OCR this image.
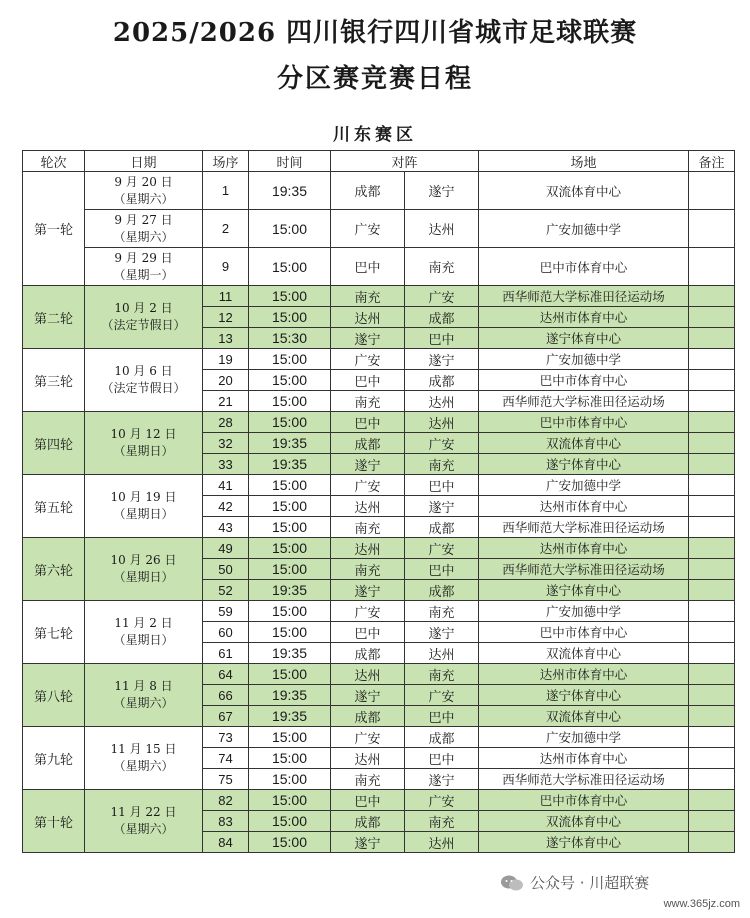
2025/2026 四川银行四川省城市足球联赛
分区赛竞赛日程
川东赛区
轮次	日期	场序	时间	对阵		场地	备注
第一轮	9 月 20 日
（星期六）	1	19:35	成都	遂宁	双流体育中心	

	9 月 27 日
（星期六）	2	15:00	广安	达州	广安加德中学	

	9 月 29 日
（星期一）	9	15:00	巴中	南充	巴中市体育中心	
第二轮	10 月 2 日
（法定节假日）	11	15:00	南充	广安	西华师范大学标准田径运动场	
		12	15:00	达州	成都	达州市体育中心	
		13	15:30	遂宁	巴中	遂宁体育中心	
第三轮	10 月 6 日
（法定节假日）	19	15:00	广安	遂宁	广安加德中学	
		20	15:00	巴中	成都	巴中市体育中心	
		21	15:00	南充	达州	西华师范大学标准田径运动场	
第四轮	10 月 12 日
（星期日）	28	15:00	巴中	达州	巴中市体育中心	
		32	19:35	成都	广安	双流体育中心	
		33	19:35	遂宁	南充	遂宁体育中心	
第五轮	10 月 19 日
（星期日）	41	15:00	广安	巴中	广安加德中学	
		42	15:00	达州	遂宁	达州市体育中心	
		43	15:00	南充	成都	西华师范大学标准田径运动场	
第六轮	10 月 26 日
（星期日）	49	15:00	达州	广安	达州市体育中心	
		50	15:00	南充	巴中	西华师范大学标准田径运动场	
		52	19:35	遂宁	成都	遂宁体育中心	
第七轮	11 月 2 日
（星期日）	59	15:00	广安	南充	广安加德中学	
		60	15:00	巴中	遂宁	巴中市体育中心	
		61	19:35	成都	达州	双流体育中心	
第八轮	11 月 8 日
（星期六）	64	15:00	达州	南充	达州市体育中心	
		66	19:35	遂宁	广安	遂宁体育中心	
		67	19:35	成都	巴中	双流体育中心	
第九轮	11 月 15 日
（星期六）	73	15:00	广安	成都	广安加德中学	
		74	15:00	达州	巴中	达州市体育中心	
		75	15:00	南充	遂宁	西华师范大学标准田径运动场	
第十轮	11 月 22 日
（星期六）	82	15:00	巴中	广安	巴中市体育中心	
		83	15:00	成都	南充	双流体育中心	
		84	15:00	遂宁	达州	遂宁体育中心	
公众号 · 川超联赛
www.365jz.com
